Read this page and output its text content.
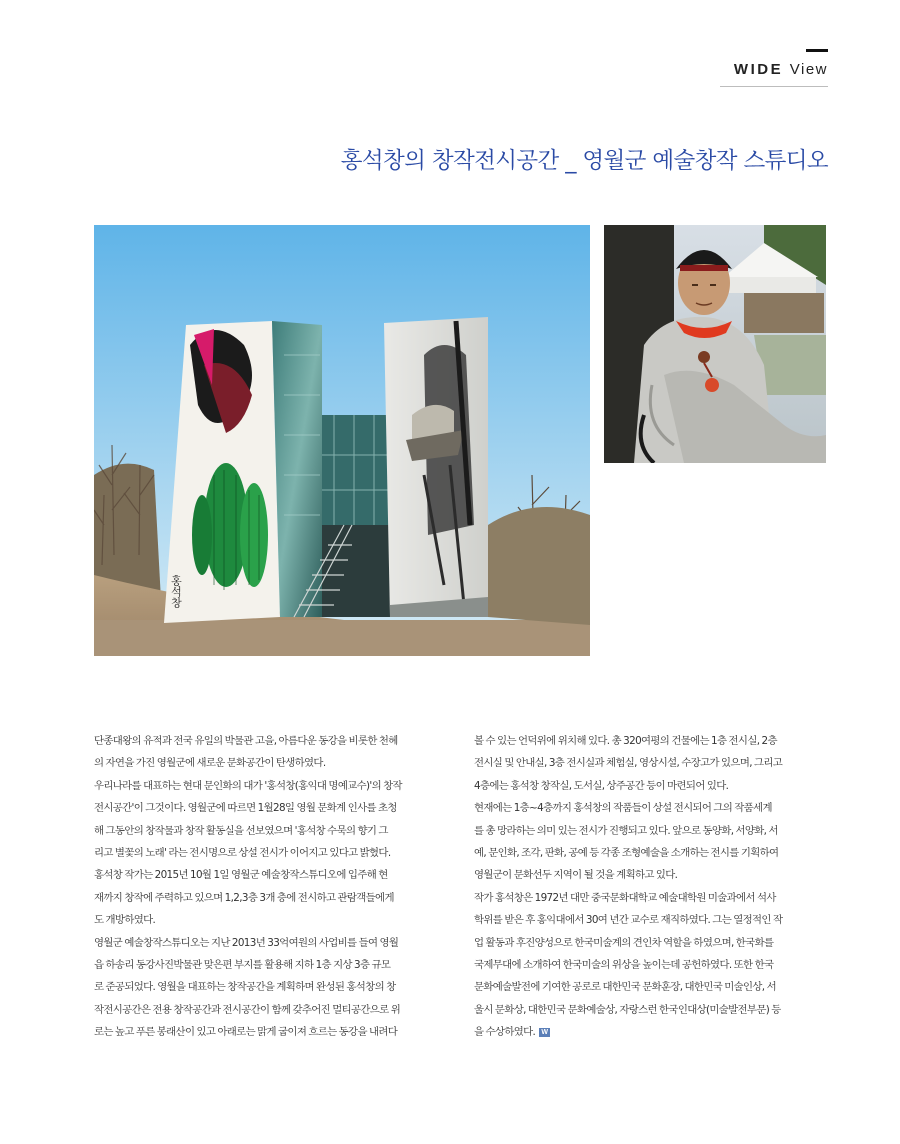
WIDE View
홍석창의 창작전시공간 _ 영월군 예술창작 스튜디오
홍석창
단종대왕의 유적과 전국 유일의 박물관 고을, 아름다운 동강을 비롯한 천혜
의 자연을 가진 영월군에 새로운 문화공간이 탄생하였다.
우리나라를 대표하는 현대 문인화의 대가 '홍석창(홍익대 명예교수)'의 창작
전시공간'이 그것이다. 영월군에 따르면 1월28일 영월 문화계 인사를 초청
해 그동안의 창작물과 창작 활동실을 선보였으며 '홍석창 수묵의 향기 그
리고 별꽃의 노래' 라는 전시명으로 상설 전시가 이어지고 있다고 밝혔다.
홍석창 작가는 2015년 10월 1일 영월군 예술창작스튜디오에 입주해 현
재까지 창작에 주력하고 있으며 1,2,3층 3개 층에 전시하고 관람객들에게
도 개방하였다.
영월군 예술창작스튜디오는 지난 2013년 33억여원의 사업비를 들여 영월
읍 하송리 동강사진박물관 맞은편 부지를 활용해 지하 1층 지상 3층 규모
로 준공되었다. 영월을 대표하는 창작공간을 계획하며 완성된 홍석창의 창
작전시공간은 전용 창작공간과 전시공간이 함께 갖추어진 멀티공간으로 위
로는 높고 푸른 봉래산이 있고 아래로는 맑게 굽이져 흐르는 동강을 내려다
볼 수 있는 언덕위에 위치해 있다. 총 320여평의 건물에는 1층 전시실, 2층
전시실 및 안내실, 3층 전시실과 체험실, 영상시설, 수장고가 있으며, 그리고
4층에는 홍석창 창작실, 도서실, 상주공간 등이 마련되어 있다.
현재에는 1층~4층까지 홍석창의 작품들이 상설 전시되어 그의 작품세계
를 총 망라하는 의미 있는 전시가 진행되고 있다. 앞으로 동양화, 서양화, 서
예, 문인화, 조각, 판화, 공예 등 각종 조형예술을 소개하는 전시를 기획하여
영월군이 문화선두 지역이 될 것을 계획하고 있다.
작가 홍석창은 1972년 대만 중국문화대학교 예술대학원 미술과에서 석사
학위를 받은 후 홍익대에서 30여 년간 교수로 재직하였다. 그는 열정적인 작
업 활동과 후진양성으로 한국미술계의 견인차 역할을 하였으며, 한국화를
국제무대에 소개하여 한국미술의 위상을 높이는데 공헌하였다. 또한 한국
문화예술발전에 기여한 공로로 대한민국 문화훈장, 대한민국 미술인상, 서
울시 문화상, 대한민국 문화예술상, 자랑스런 한국인대상(미술발전부문) 등
을 수상하였다. W
